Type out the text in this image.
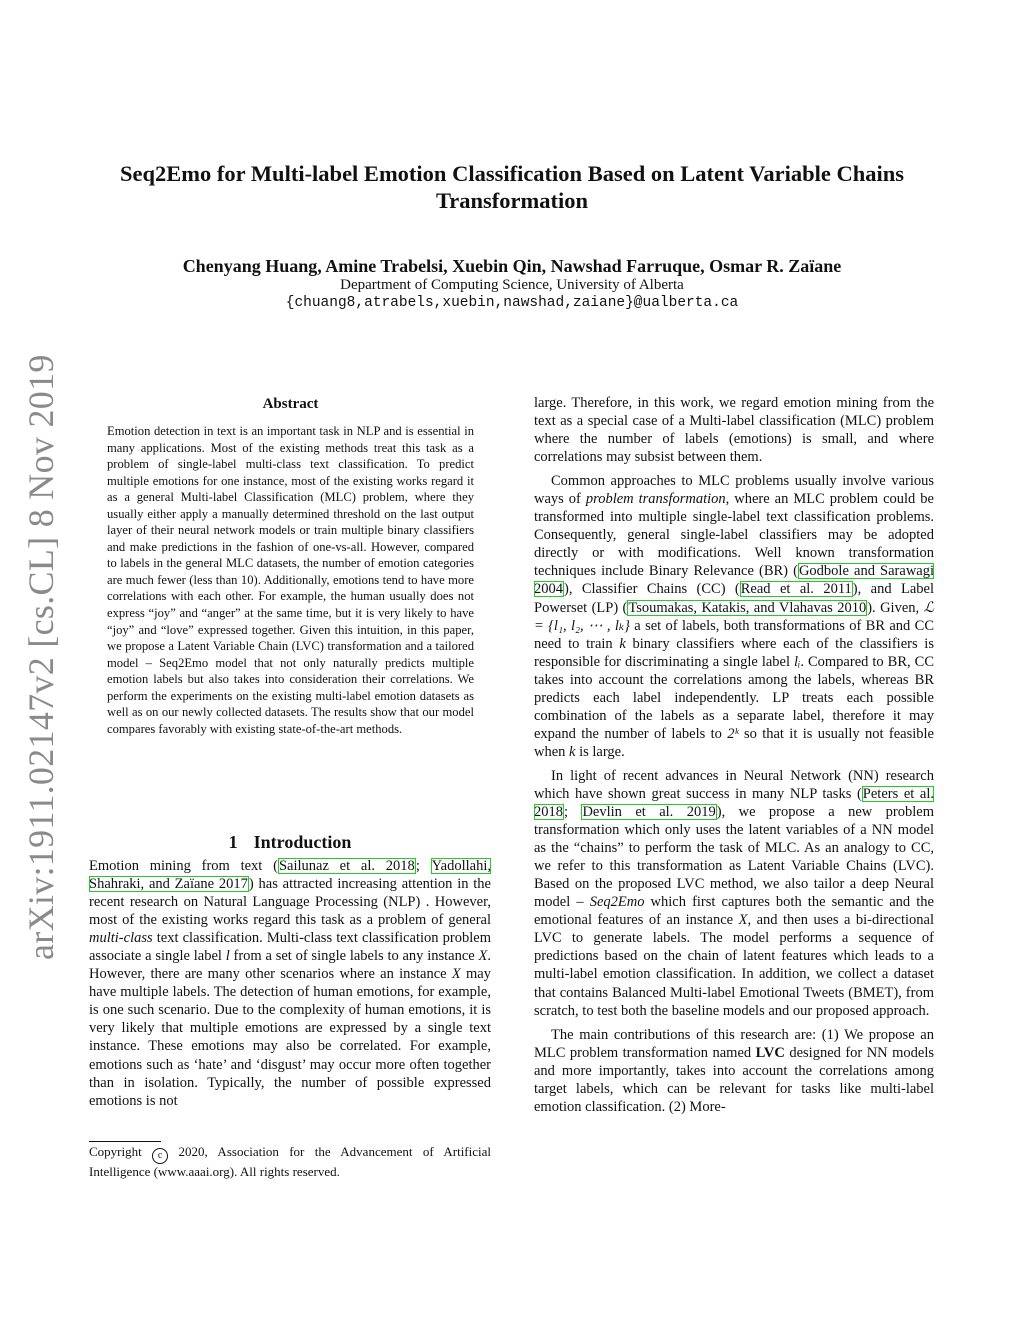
arXiv:1911.02147v2 [cs.CL] 8 Nov 2019
Seq2Emo for Multi-label Emotion Classification Based on Latent Variable Chains
Transformation
Chenyang Huang, Amine Trabelsi, Xuebin Qin, Nawshad Farruque, Osmar R. Zaïane
Department of Computing Science, University of Alberta
{chuang8,atrabels,xuebin,nawshad,zaiane}@ualberta.ca
Abstract
Emotion detection in text is an important task in NLP and is essential in many applications. Most of the existing methods treat this task as a problem of single-label multi-class text classification. To predict multiple emotions for one instance, most of the existing works regard it as a general Multi-label Classification (MLC) problem, where they usually either apply a manually determined threshold on the last output layer of their neural network models or train multiple binary classifiers and make predictions in the fashion of one-vs-all. However, compared to labels in the general MLC datasets, the number of emotion categories are much fewer (less than 10). Additionally, emotions tend to have more correlations with each other. For example, the human usually does not express “joy” and “anger” at the same time, but it is very likely to have “joy” and “love” expressed together. Given this intuition, in this paper, we propose a Latent Variable Chain (LVC) transformation and a tailored model – Seq2Emo model that not only naturally predicts multiple emotion labels but also takes into consideration their correlations. We perform the experiments on the existing multi-label emotion datasets as well as on our newly collected datasets. The results show that our model compares favorably with existing state-of-the-art methods.
1 Introduction
Emotion mining from text (Sailunaz et al. 2018; Yadollahi, Shahraki, and Zaïane 2017) has attracted increasing attention in the recent research on Natural Language Processing (NLP) . However, most of the existing works regard this task as a problem of general multi-class text classification. Multi-class text classification problem associate a single label l from a set of single labels to any instance X. However, there are many other scenarios where an instance X may have multiple labels. The detection of human emotions, for example, is one such scenario. Due to the complexity of human emotions, it is very likely that multiple emotions are expressed by a single text instance. These emotions may also be correlated. For example, emotions such as ‘hate’ and ‘disgust’ may occur more often together than in isolation. Typically, the number of possible expressed emotions is not
Copyright c 2020, Association for the Advancement of Artificial Intelligence (www.aaai.org). All rights reserved.

large. Therefore, in this work, we regard emotion mining from the text as a special case of a Multi-label classification (MLC) problem where the number of labels (emotions) is small, and where correlations may subsist between them.

Common approaches to MLC problems usually involve various ways of problem transformation, where an MLC problem could be transformed into multiple single-label text classification problems. Consequently, general single-label classifiers may be adopted directly or with modifications. Well known transformation techniques include Binary Relevance (BR) (Godbole and Sarawagi 2004), Classifier Chains (CC) (Read et al. 2011), and Label Powerset (LP) (Tsoumakas, Katakis, and Vlahavas 2010). Given, ℒ = {l₁, l₂, ⋯ , lₖ} a set of labels, both transformations of BR and CC need to train k binary classifiers where each of the classifiers is responsible for discriminating a single label lᵢ. Compared to BR, CC takes into account the correlations among the labels, whereas BR predicts each label independently. LP treats each possible combination of the labels as a separate label, therefore it may expand the number of labels to 2ᵏ so that it is usually not feasible when k is large.

In light of recent advances in Neural Network (NN) research which have shown great success in many NLP tasks (Peters et al. 2018; Devlin et al. 2019), we propose a new problem transformation which only uses the latent variables of a NN model as the “chains” to perform the task of MLC. As an analogy to CC, we refer to this transformation as Latent Variable Chains (LVC). Based on the proposed LVC method, we also tailor a deep Neural model – Seq2Emo which first captures both the semantic and the emotional features of an instance X, and then uses a bi-directional LVC to generate labels. The model performs a sequence of predictions based on the chain of latent features which leads to a multi-label emotion classification. In addition, we collect a dataset that contains Balanced Multi-label Emotional Tweets (BMET), from scratch, to test both the baseline models and our proposed approach.

The main contributions of this research are: (1) We propose an MLC problem transformation named LVC designed for NN models and more importantly, takes into account the correlations among target labels, which can be relevant for tasks like multi-label emotion classification. (2) More-
